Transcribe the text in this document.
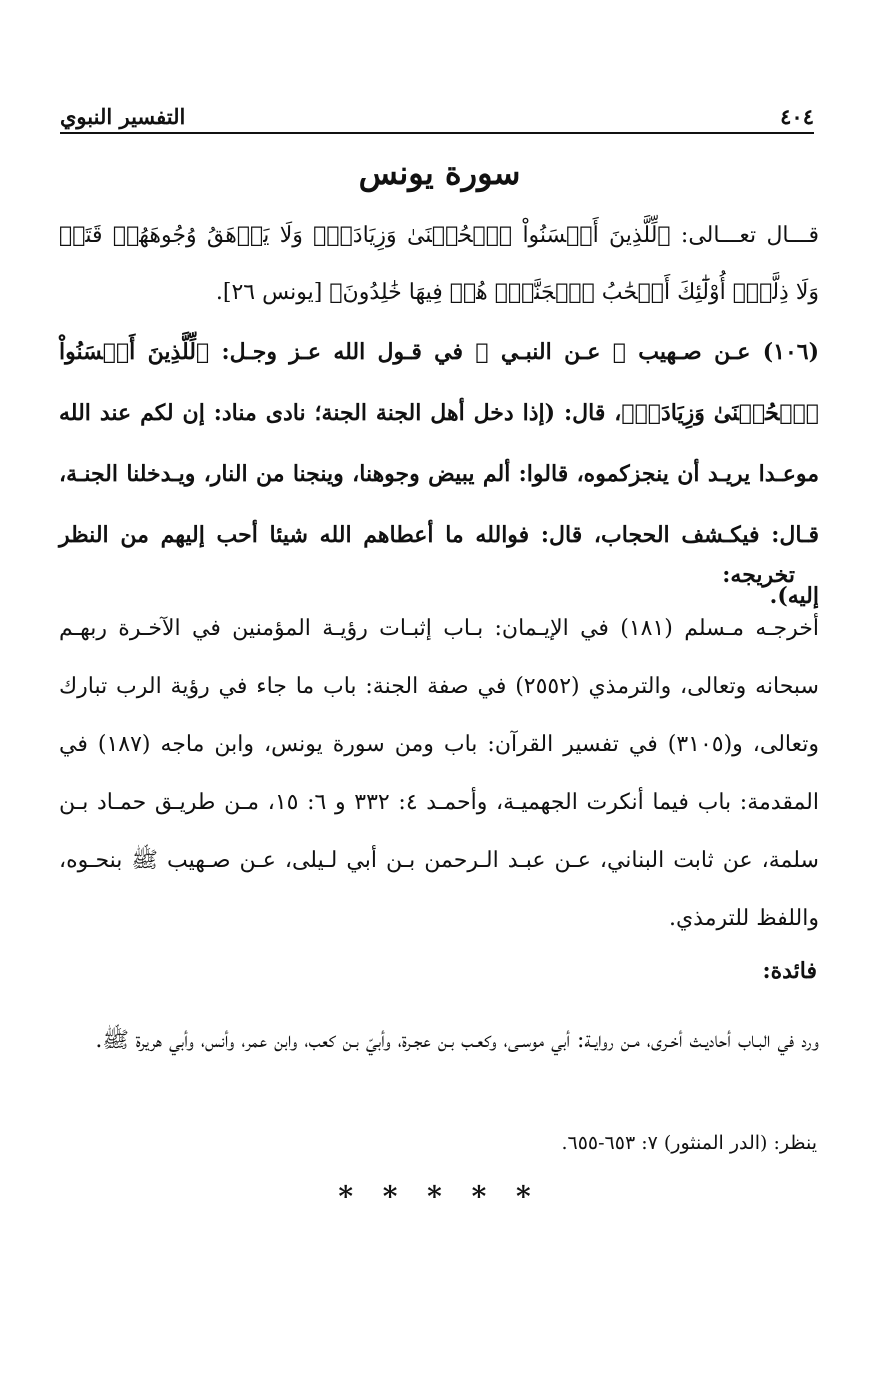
٤٠٤
التفسير النبوي
سورة يونس
قـــال تعـــالى: ﴿لِّلَّذِينَ أَحۡسَنُواْ ٱلۡحُسۡنَىٰ وَزِيَادَةٞۖ وَلَا يَرۡهَقُ وُجُوهَهُمۡ قَتَرٞ وَلَا ذِلَّةٌۚ أُوْلَٰٓئِكَ أَصۡحَٰبُ ٱلۡجَنَّةِۖ هُمۡ فِيهَا خَٰلِدُونَ﴾ [يونس ٢٦].
(١٠٦) عـن صـهيب ﷺ عـن النبـي ﷺ في قـول الله عـز وجـل: ﴿لِّلَّذِينَ أَحۡسَنُواْ ٱلۡحُسۡنَىٰ وَزِيَادَةٞ﴾، قال: (إذا دخل أهل الجنة الجنة؛ نادى مناد: إن لكم عند الله موعـدا يريـد أن ينجزكموه، قالوا: ألم يبيض وجوهنا، وينجنا من النار، ويـدخلنا الجنـة، قـال: فيكـشف الحجاب، قال: فوالله ما أعطاهم الله شيئا أحب إليهم من النظر إليه).
تخريجه:
أخرجـه مـسلم (١٨١) في الإيـمان: بـاب إثبـات رؤيـة المؤمنين في الآخـرة ربهـم سبحانه وتعالى، والترمذي (٢٥٥٢) في صفة الجنة: باب ما جاء في رؤية الرب تبارك وتعالى، و(٣١٠٥) في تفسير القرآن: باب ومن سورة يونس، وابن ماجه (١٨٧) في المقدمة: باب فيما أنكرت الجهميـة، وأحمـد ٤: ٣٣٢ و ٦: ١٥، مـن طريـق حمـاد بـن سلمة، عن ثابت البناني، عـن عبـد الـرحمن بـن أبي لـيلى، عـن صـهيب ﷺ بنحـوه، واللفظ للترمذي.
فائدة:
ورد في البـاب أحاديـث أخـرى، مـن روايـة: أبي موسـى، وكعـب بـن عجـرة، وأبيّ بـن كعب، وابن عمر، وأنس، وأبي هريرة ﷺ.
ينظر: (الدر المنثور) ٧: ٦٥٣-٦٥٥.
* * * * *
